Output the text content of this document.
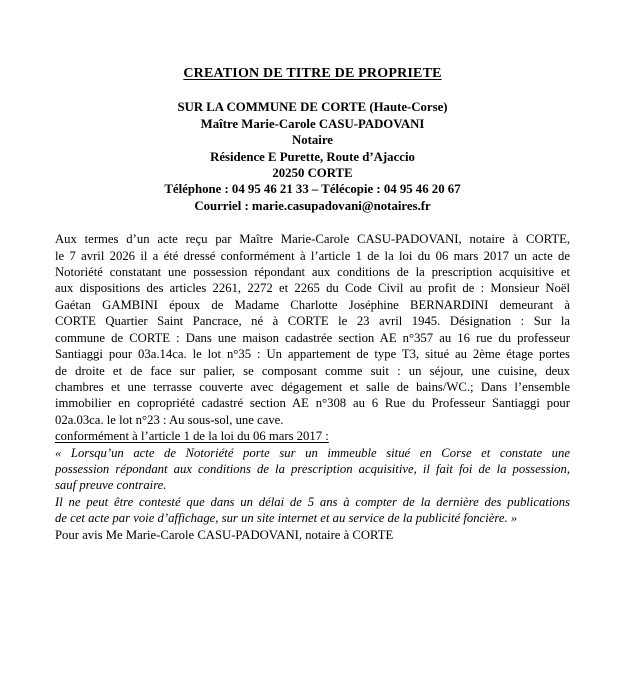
CREATION DE TITRE DE PROPRIETE
SUR LA COMMUNE DE CORTE (Haute-Corse)
Maître Marie-Carole CASU-PADOVANI
Notaire
Résidence E Purette, Route d’Ajaccio
20250 CORTE
Téléphone : 04 95 46 21 33 – Télécopie : 04 95 46 20 67
Courriel : marie.casupadovani@notaires.fr
Aux termes d’un acte reçu par Maître Marie-Carole CASU-PADOVANI, notaire à CORTE,
le 7 avril 2026 il a été dressé conformément à l’article 1 de la loi du 06 mars 2017 un acte de
Notoriété constatant une possession répondant aux conditions de la prescription acquisitive et
aux dispositions des articles 2261, 2272 et 2265 du Code Civil au profit de : Monsieur Noël
Gaétan GAMBINI époux de Madame Charlotte Joséphine BERNARDINI demeurant à
CORTE Quartier Saint Pancrace, né à CORTE le 23 avril 1945. Désignation : Sur la
commune de CORTE : Dans une maison cadastrée section AE n°357 au 16 rue du professeur
Santiaggi pour 03a.14ca. le lot n°35 : Un appartement de type T3, situé au 2ème étage portes
de droite et de face sur palier, se composant comme suit : un séjour, une cuisine, deux
chambres et une terrasse couverte avec dégagement et salle de bains/WC.; Dans l’ensemble
immobilier en copropriété cadastré section AE n°308 au 6 Rue du Professeur Santiaggi pour
02a.03ca. le lot n°23 : Au sous-sol, une cave.
conformément à l’article 1 de la loi du 06 mars 2017 :
« Lorsqu’un acte de Notoriété porte sur un immeuble situé en Corse et constate une
possession répondant aux conditions de la prescription acquisitive, il fait foi de la possession,
sauf preuve contraire.
Il ne peut être contesté que dans un délai de 5 ans à compter de la dernière des publications
de cet acte par voie d’affichage, sur un site internet et au service de la publicité foncière. »
Pour avis Me Marie-Carole CASU-PADOVANI, notaire à CORTE
